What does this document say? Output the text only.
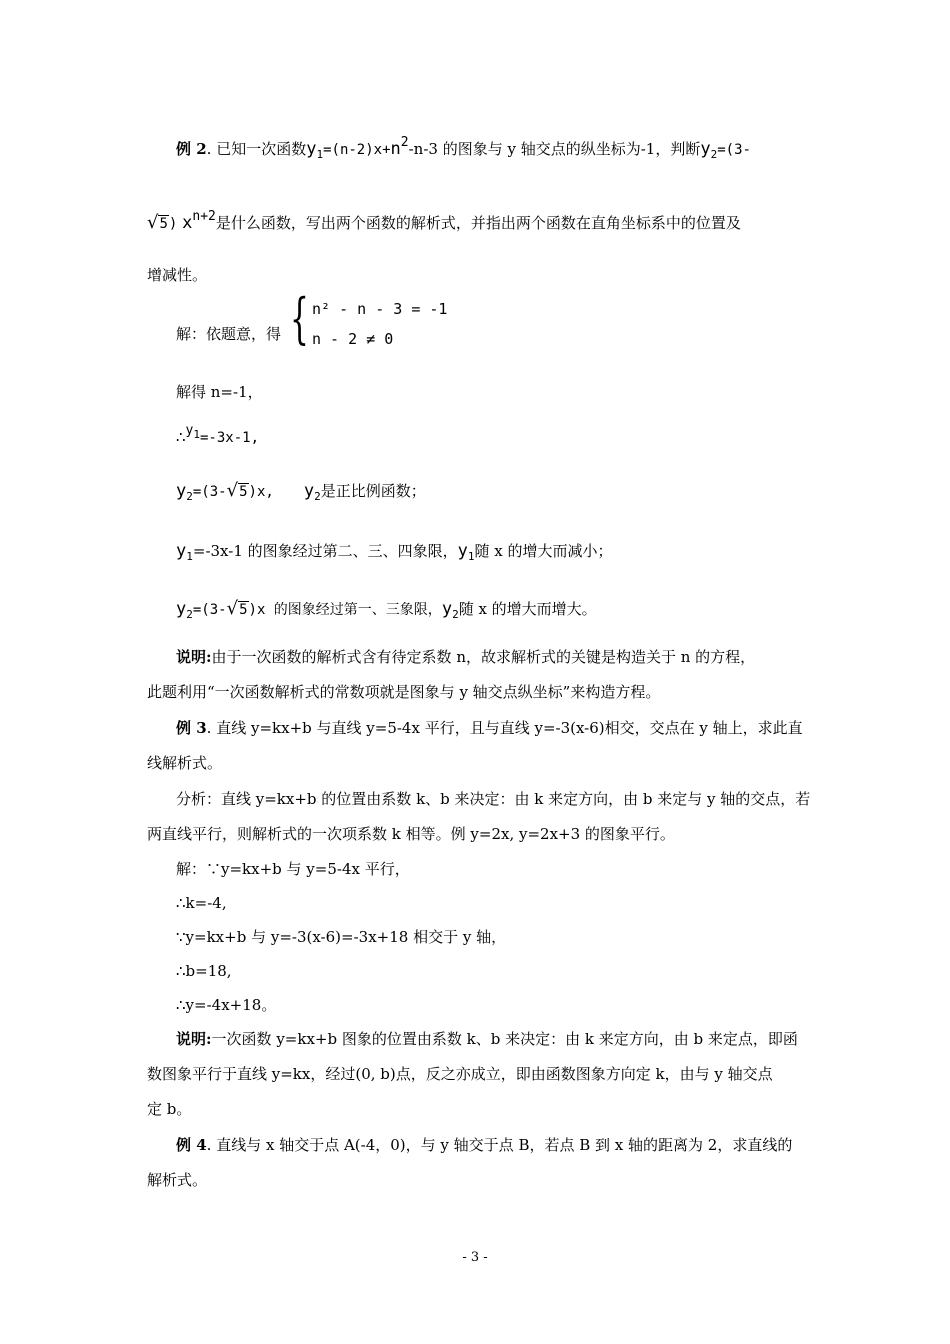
例 2. 已知一次函数$y_1=(n-2)x+n2-n-3$ 的图象与 y 轴交点的纵坐标为-1，判断$y_2=(3-$
√5) xn+2是什么函数，写出两个函数的解析式，并指出两个函数在直角坐标系中的位置及
增减性。
解：依题意，得 { n² - n - 3 = -1
n - 2 ≠ 0
解得 n=-1，
$\therefore y^1=-3x-1$,
$y_2=(3-√5)x$, $y_2$是正比例函数；
$y_1=-3x-1$ 的图象经过第二、三、四象限，$y_1$随 x 的增大而减小；
$y_2=(3-√5)x$ 的图象经过第一、三象限，$y_2$随 x 的增大而增大。
说明:由于一次函数的解析式含有待定系数 n，故求解析式的关键是构造关于 n 的方程，
此题利用“一次函数解析式的常数项就是图象与 y 轴交点纵坐标”来构造方程。
例 3. 直线 y=kx+b 与直线 y=5-4x 平行，且与直线 y=-3(x-6)相交，交点在 y 轴上，求此直
线解析式。
分析：直线 y=kx+b 的位置由系数 k、b 来决定：由 k 来定方向，由 b 来定与 y 轴的交点，若
两直线平行，则解析式的一次项系数 k 相等。例 y=2x, y=2x+3 的图象平行。
解：∵y=kx+b 与 y=5-4x 平行，
∴k=-4,
∵y=kx+b 与 y=-3(x-6)=-3x+18 相交于 y 轴，
∴b=18,
∴y=-4x+18。
说明:一次函数 y=kx+b 图象的位置由系数 k、b 来决定：由 k 来定方向，由 b 来定点，即函
数图象平行于直线 y=kx，经过(0, b)点，反之亦成立，即由函数图象方向定 k，由与 y 轴交点
定 b。
例 4. 直线与 x 轴交于点 A(-4，0)，与 y 轴交于点 B，若点 B 到 x 轴的距离为 2，求直线的
解析式。
- 3 -
